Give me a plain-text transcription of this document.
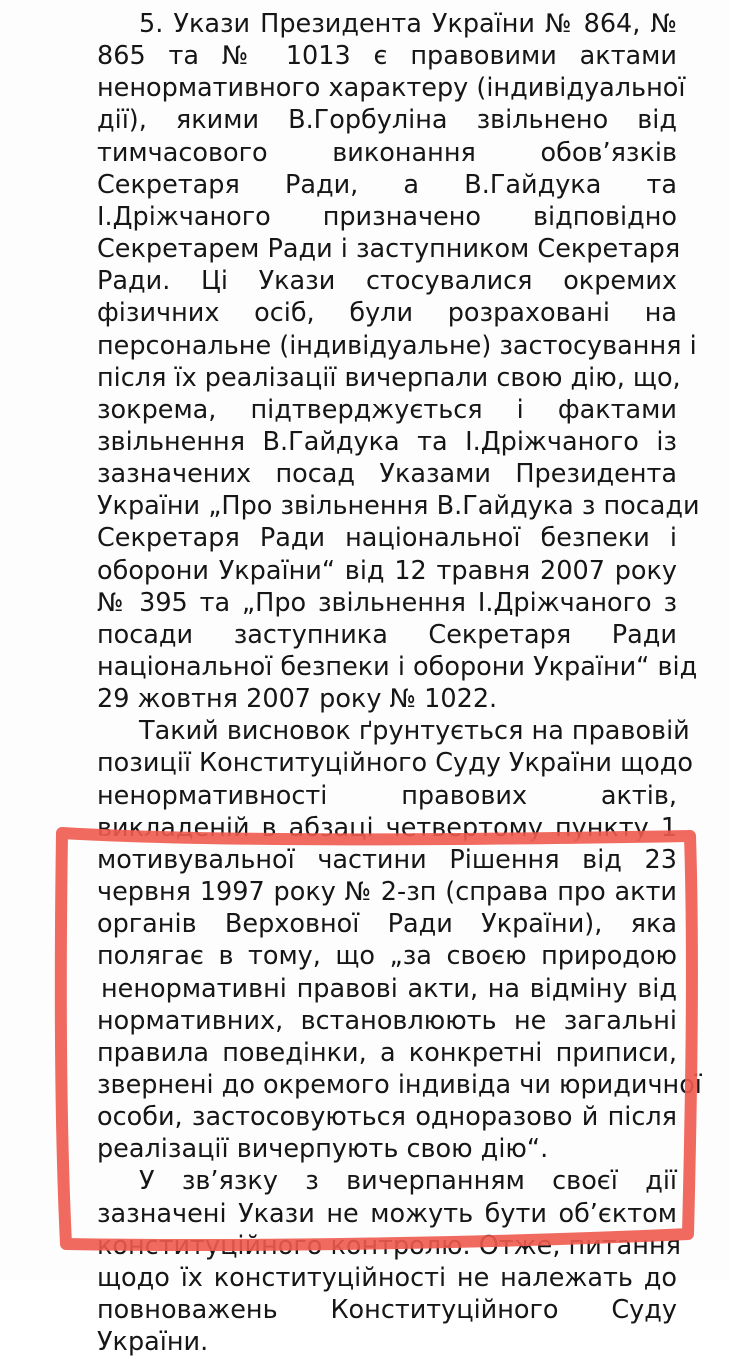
5. Укази Президента України № 864, №
865 та № 1013 є правовими актами
ненормативного характеру (індивідуальної
дії), якими В.Горбуліна звільнено від
тимчасового виконання обов’язків
Секретаря Ради, а В.Гайдука та
І.Дріжчаного призначено відповідно
Секретарем Ради і заступником Секретаря
Ради. Ці Укази стосувалися окремих
фізичних осіб, були розраховані на
персональне (індивідуальне) застосування і
після їх реалізації вичерпали свою дію, що,
зокрема, підтверджується і фактами
звільнення В.Гайдука та І.Дріжчаного із
зазначених посад Указами Президента
України „Про звільнення В.Гайдука з посади
Секретаря Ради національної безпеки і
оборони України“ від 12 травня 2007 року
№ 395 та „Про звільнення І.Дріжчаного з
посади заступника Секретаря Ради
національної безпеки і оборони України“ від
29 жовтня 2007 року № 1022.
Такий висновок ґрунтується на правовій
позиції Конституційного Суду України щодо
ненормативності правових актів,
викладеній в абзаці четвертому пункту 1
мотивувальної частини Рішення від 23
червня 1997 року № 2-зп (справа про акти
органів Верховної Ради України), яка
полягає в тому, що „за своєю природою
ненормативні правові акти, на відміну від
нормативних, встановлюють не загальні
правила поведінки, а конкретні приписи,
звернені до окремого індивіда чи юридичної
особи, застосовуються одноразово й після
реалізації вичерпують свою дію“.
У зв’язку з вичерпанням своєї дії
зазначені Укази не можуть бути об’єктом
конституційного контролю. Отже, питання
щодо їх конституційності не належать до
повноважень Конституційного Суду
України.
